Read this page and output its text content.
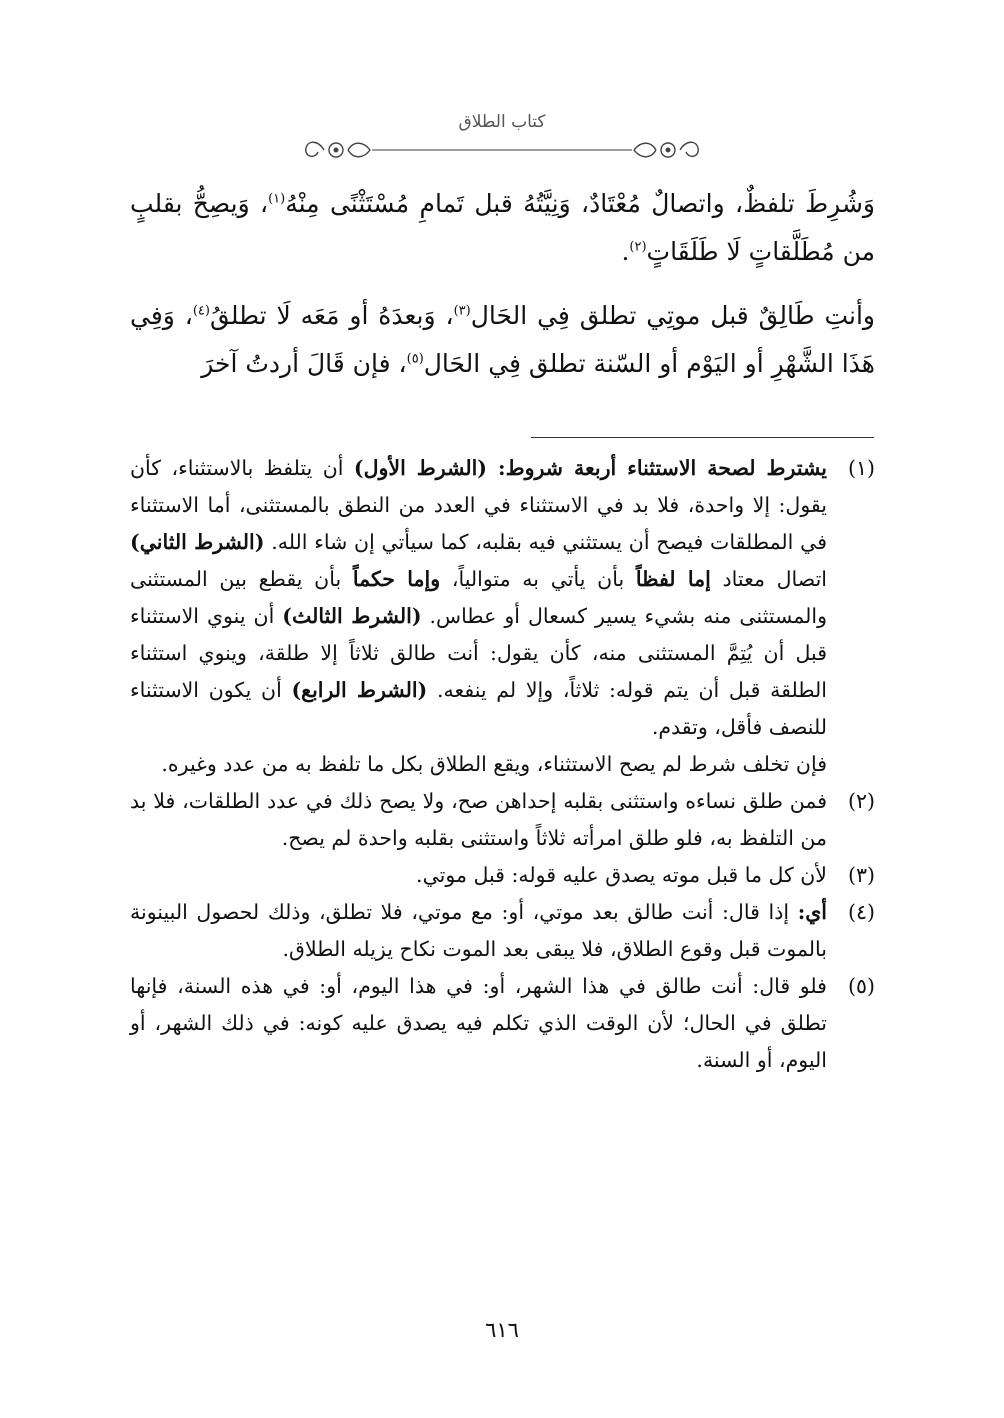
كتاب الطلاق

وَشُرِطَ تلفظٌ، واتصالٌ مُعْتَادٌ، وَنِيَّتُهُ قبل تَمامِ مُسْتَثْنًى مِنْهُ$^{(١)}$، وَيصِحُّ بقلبٍ من مُطَلَّقاتٍ لَا طَلَقَاتٍ$^{(٢)}$.

وأنتِ طَالِقٌ قبل موتِي تطلق فِي الحَال$^{(٣)}$، وَبعدَهُ أو مَعَه لَا تطلقُ$^{(٤)}$، وَفِي هَذَا الشَّهْرِ أو اليَوْم أو السّنة تطلق فِي الحَال$^{(٥)}$، فإن قَالَ أردتُ آخرَ

(١)

يشترط لصحة الاستثناء أربعة شروط: (الشرط الأول) أن يتلفظ بالاستثناء، كأن يقول: إلا واحدة، فلا بد في الاستثناء في العدد من النطق بالمستثنى، أما الاستثناء في المطلقات فيصح أن يستثني فيه بقلبه، كما سيأتي إن شاء الله. (الشرط الثاني) اتصال معتاد إما لفظاً بأن يأتي به متوالياً، وإما حكماً بأن يقطع بين المستثنى والمستثنى منه بشيء يسير كسعال أو عطاس. (الشرط الثالث) أن ينوي الاستثناء قبل أن يُتِمَّ المستثنى منه، كأن يقول: أنت طالق ثلاثاً إلا طلقة، وينوي استثناء الطلقة قبل أن يتم قوله: ثلاثاً، وإلا لم ينفعه. (الشرط الرابع) أن يكون الاستثناء للنصف فأقل، وتقدم.

فإن تخلف شرط لم يصح الاستثناء، ويقع الطلاق بكل ما تلفظ به من عدد وغيره.

(٢)

فمن طلق نساءه واستثنى بقلبه إحداهن صح، ولا يصح ذلك في عدد الطلقات، فلا بد من التلفظ به، فلو طلق امرأته ثلاثاً واستثنى بقلبه واحدة لم يصح.

(٣)

لأن كل ما قبل موته يصدق عليه قوله: قبل موتي.

(٤)

أي: إذا قال: أنت طالق بعد موتي، أو: مع موتي، فلا تطلق، وذلك لحصول البينونة بالموت قبل وقوع الطلاق، فلا يبقى بعد الموت نكاح يزيله الطلاق.

(٥)

فلو قال: أنت طالق في هذا الشهر، أو: في هذا اليوم، أو: في هذه السنة، فإنها تطلق في الحال؛ لأن الوقت الذي تكلم فيه يصدق عليه كونه: في ذلك الشهر، أو اليوم، أو السنة.

٦١٦
